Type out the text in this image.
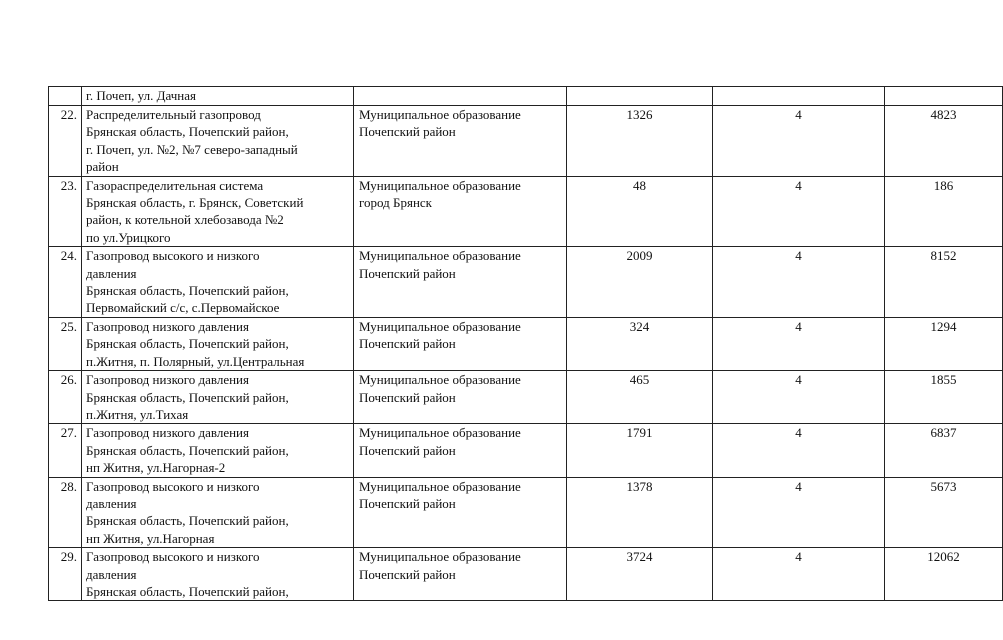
	г. Почеп, ул. Дачная				

22.	Распределительный газопровод
Брянская область, Почепский район,
г. Почеп, ул. №2, №7 северо-западный
район	Муниципальное образование
Почепский район	1326	4	4823

23.	Газораспределительная система
Брянская область, г. Брянск, Советский
район, к котельной хлебозавода №2
по ул.Урицкого	Муниципальное образование
город Брянск	48	4	186

24.	Газопровод высокого и низкого
давления
Брянская область, Почепский район,
Первомайский с/с, с.Первомайское	Муниципальное образование
Почепский район	2009	4	8152

25.	Газопровод низкого давления
Брянская область, Почепский район,
п.Житня, п. Полярный, ул.Центральная	Муниципальное образование
Почепский район	324	4	1294

26.	Газопровод низкого давления
Брянская область, Почепский район,
п.Житня, ул.Тихая	Муниципальное образование
Почепский район	465	4	1855

27.	Газопровод низкого давления
Брянская область, Почепский район,
нп Житня, ул.Нагорная-2	Муниципальное образование
Почепский район	1791	4	6837

28.	Газопровод высокого и низкого
давления
Брянская область, Почепский район,
нп Житня, ул.Нагорная	Муниципальное образование
Почепский район	1378	4	5673

29.	Газопровод высокого и низкого
давления
Брянская область, Почепский район,	Муниципальное образование
Почепский район	3724	4	12062
